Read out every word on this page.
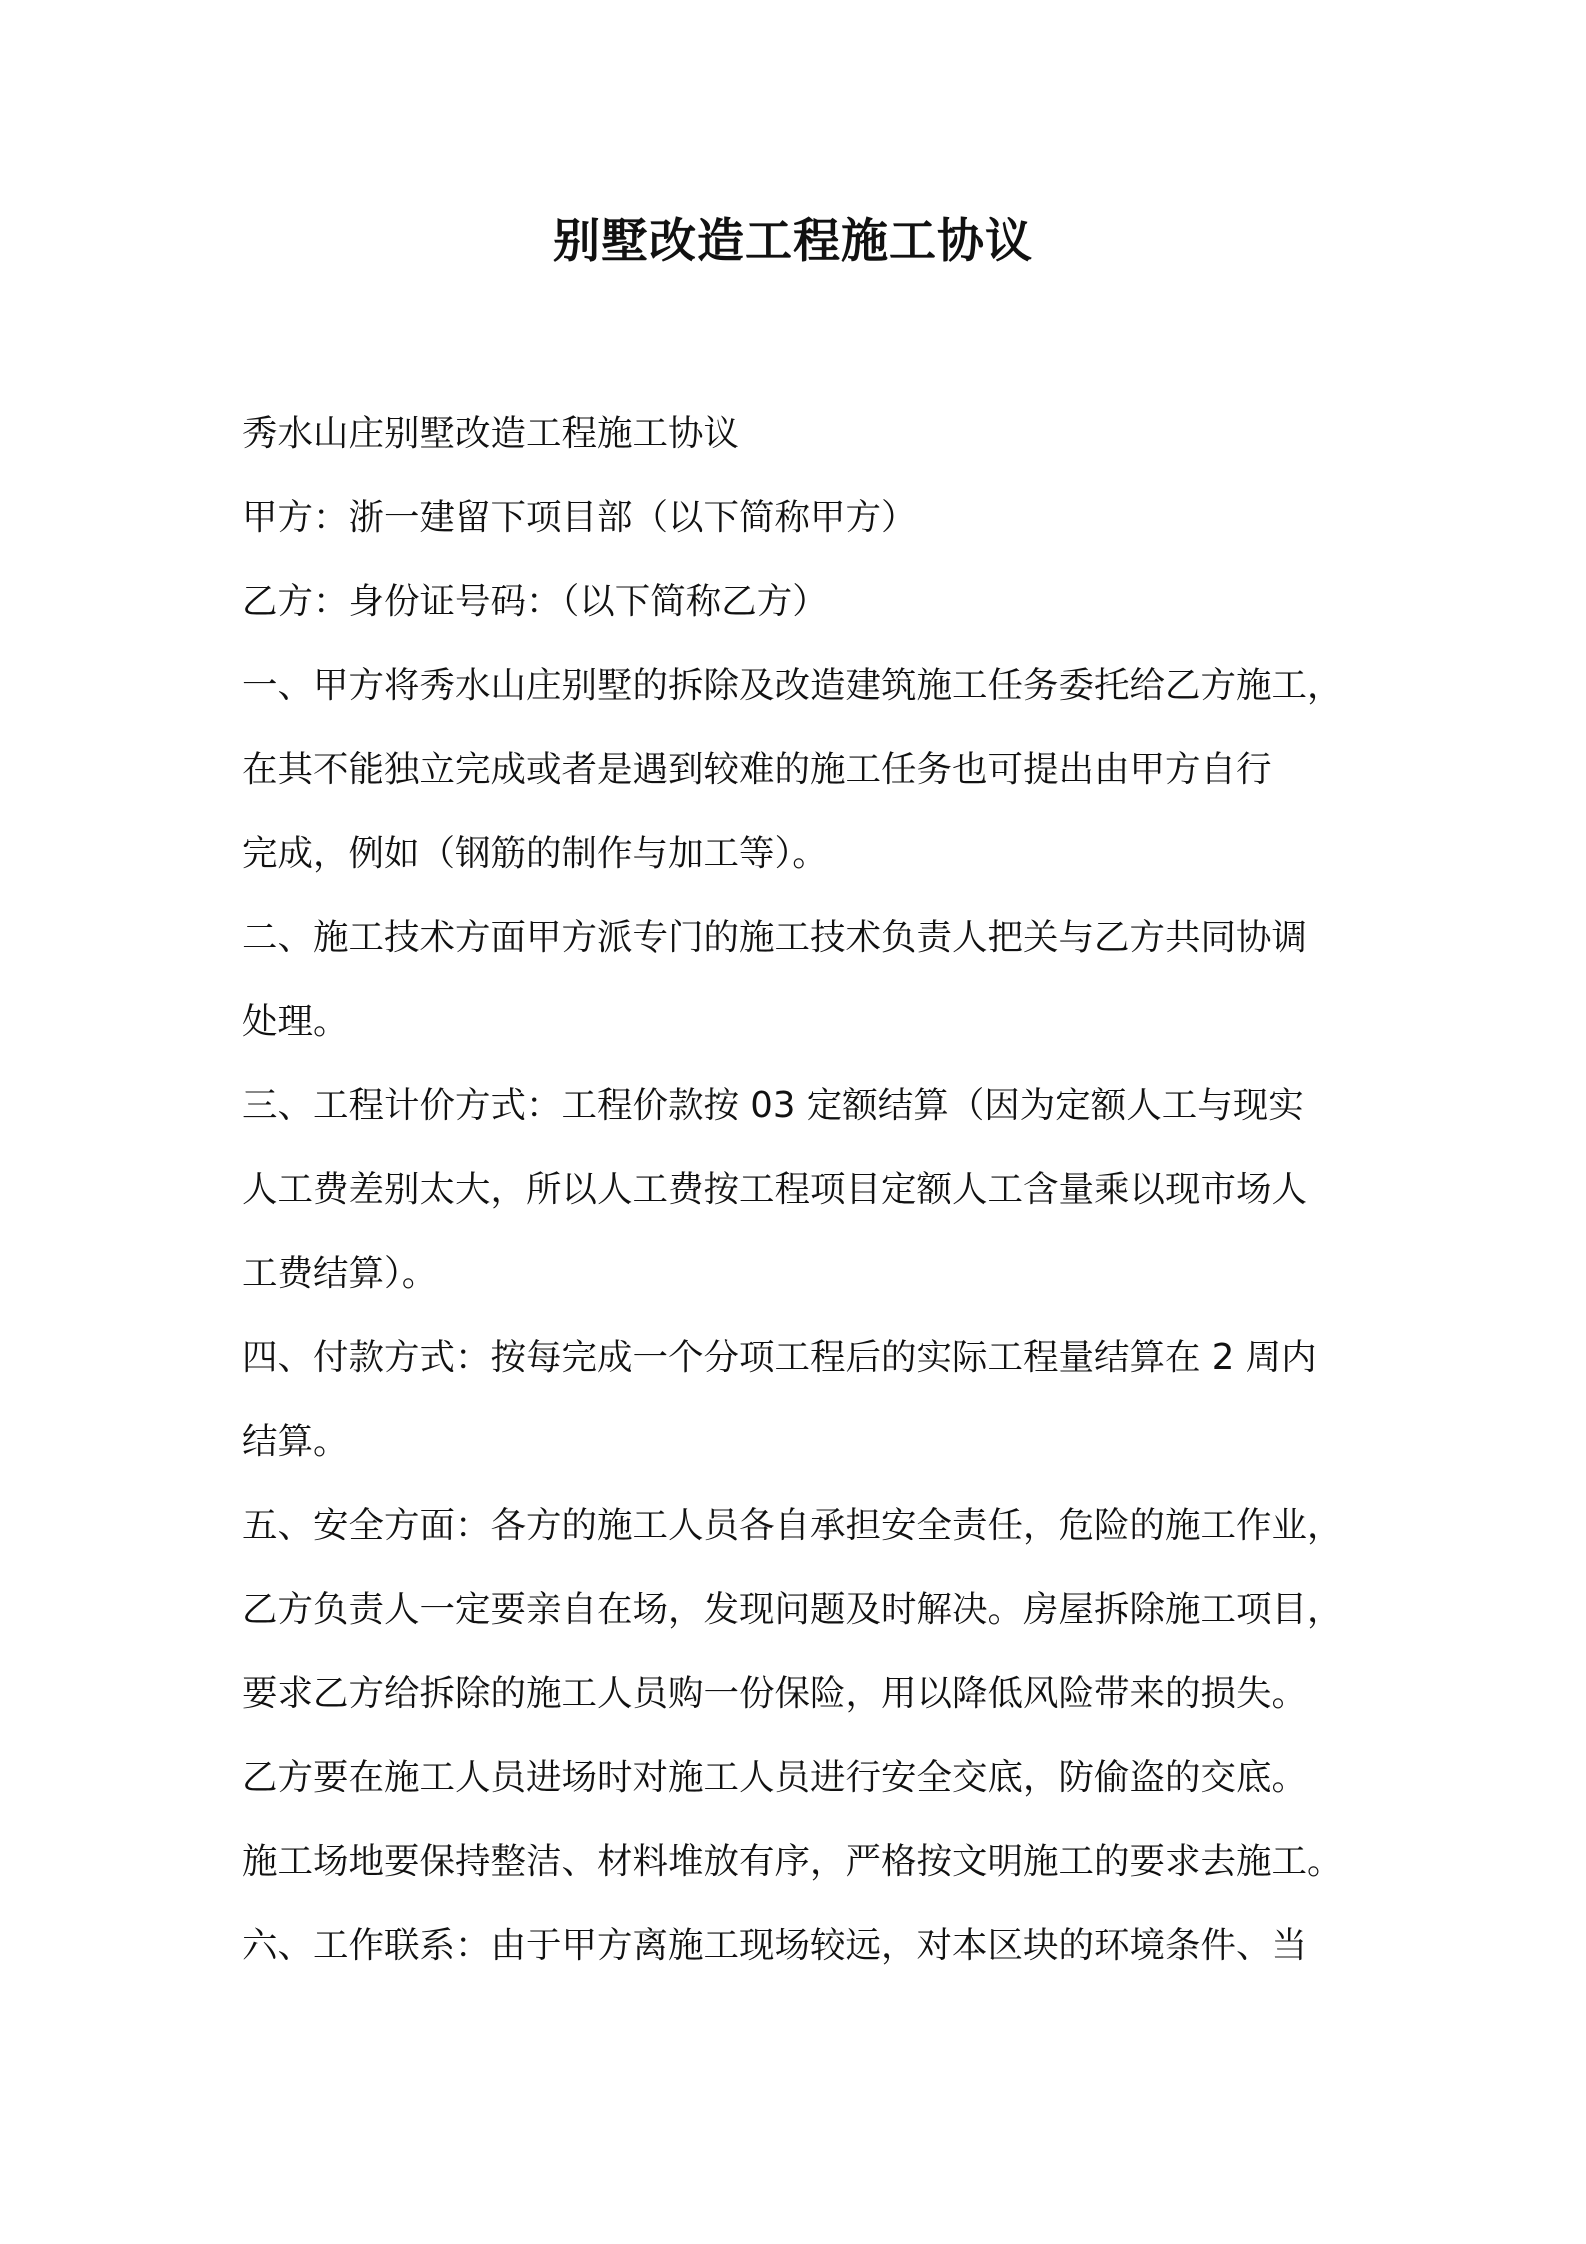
别墅改造工程施工协议
秀水山庄别墅改造工程施工协议
甲方：浙一建留下项目部（以下简称甲方）
乙方：身份证号码：（以下简称乙方）
一、甲方将秀水山庄别墅的拆除及改造建筑施工任务委托给乙方施工，
在其不能独立完成或者是遇到较难的施工任务也可提出由甲方自行
完成，例如（钢筋的制作与加工等）。
二、施工技术方面甲方派专门的施工技术负责人把关与乙方共同协调
处理。
三、工程计价方式：工程价款按 03 定额结算（因为定额人工与现实
人工费差别太大，所以人工费按工程项目定额人工含量乘以现市场人
工费结算）。
四、付款方式：按每完成一个分项工程后的实际工程量结算在 2 周内
结算。
五、安全方面：各方的施工人员各自承担安全责任，危险的施工作业，
乙方负责人一定要亲自在场，发现问题及时解决。房屋拆除施工项目，
要求乙方给拆除的施工人员购一份保险，用以降低风险带来的损失。
乙方要在施工人员进场时对施工人员进行安全交底，防偷盗的交底。
施工场地要保持整洁、材料堆放有序，严格按文明施工的要求去施工。
六、工作联系：由于甲方离施工现场较远，对本区块的环境条件、当
